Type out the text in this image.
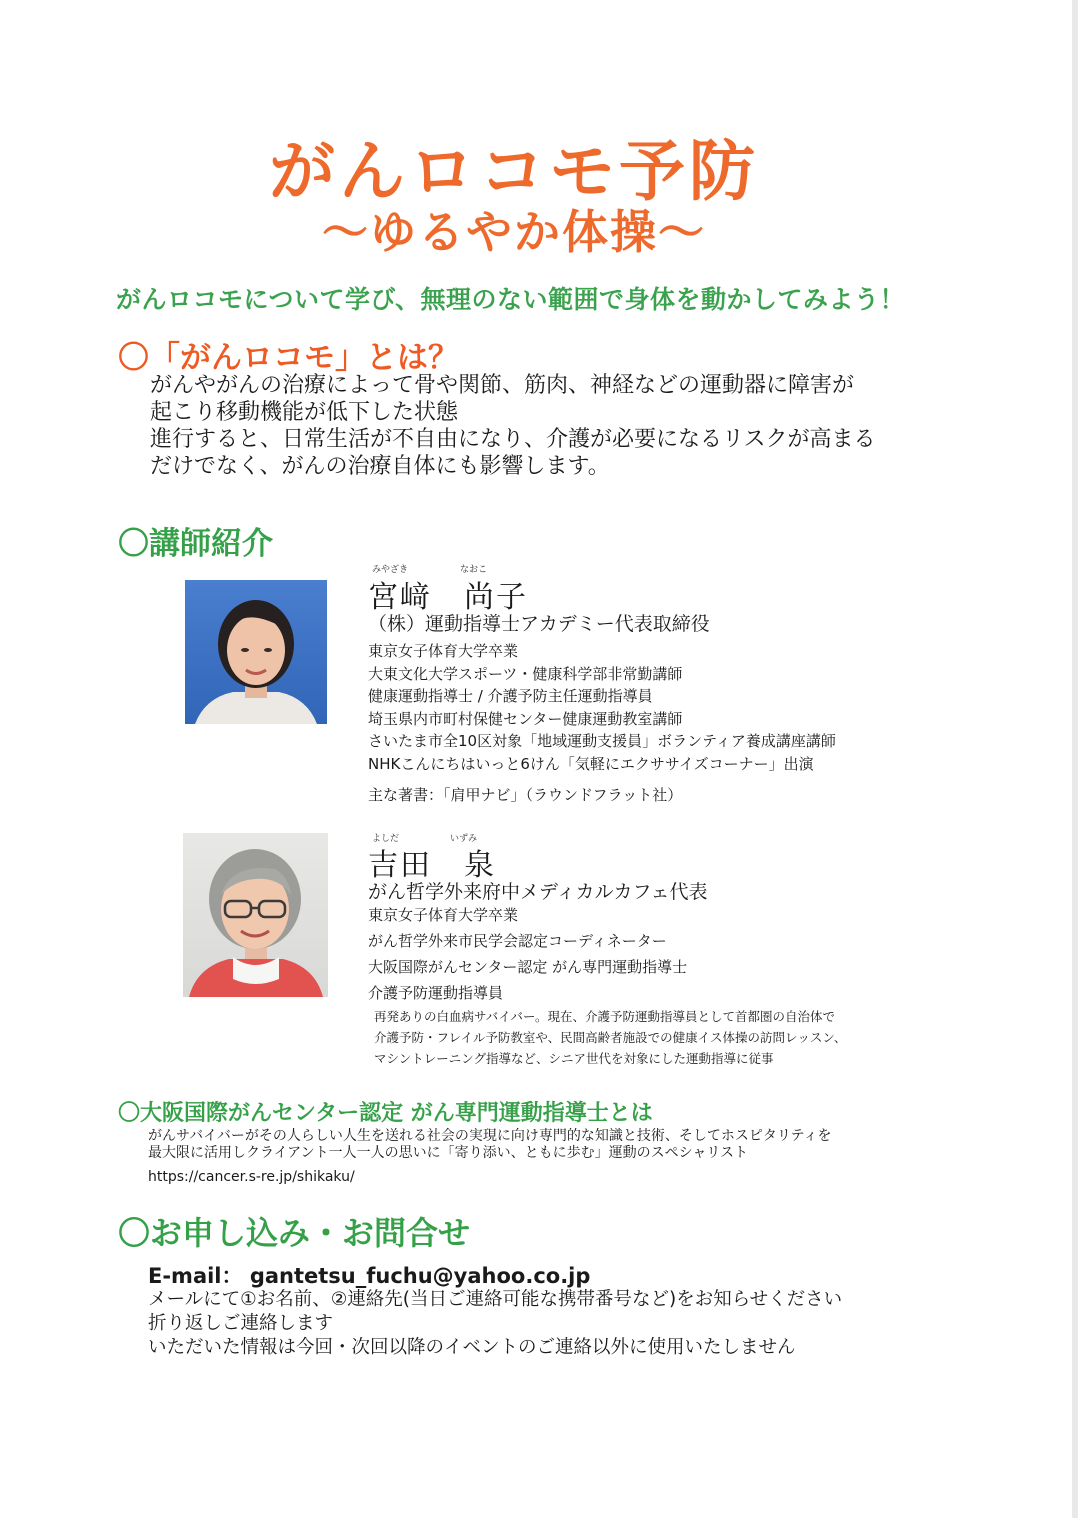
がんロコモ予防
〜ゆるやか体操〜
がんロコモについて学び、無理のない範囲で身体を動かしてみよう！
〇「がんロコモ」とは？
がんやがんの治療によって骨や関節、筋肉、神経などの運動器に障害が
起こり移動機能が低下した状態
進行すると、日常生活が不自由になり、介護が必要になるリスクが高まる
だけでなく、がんの治療自体にも影響します。
〇講師紹介
みやざき	なおこ
宮﨑　尚子
（株）運動指導士アカデミー代表取締役
東京女子体育大学卒業
大東文化大学スポーツ・健康科学部非常勤講師
健康運動指導士 / 介護予防主任運動指導員
埼玉県内市町村保健センター健康運動教室講師
さいたま市全10区対象「地域運動支援員」ボランティア養成講座講師
NHKこんにちはいっと6けん「気軽にエクササイズコーナー」出演
主な著書：「肩甲ナビ」（ラウンドフラット社）
よしだ	いずみ
吉田　泉
がん哲学外来府中メディカルカフェ代表
東京女子体育大学卒業
がん哲学外来市民学会認定コーディネーター
大阪国際がんセンター認定 がん専門運動指導士
介護予防運動指導員
再発ありの白血病サバイバー。現在、介護予防運動指導員として首都圏の自治体で
介護予防・フレイル予防教室や、民間高齢者施設での健康イス体操の訪問レッスン、
マシントレーニング指導など、シニア世代を対象にした運動指導に従事
〇大阪国際がんセンター認定 がん専門運動指導士とは
がんサバイバーがその人らしい人生を送れる社会の実現に向け専門的な知識と技術、そしてホスピタリティを
最大限に活用しクライアント一人一人の思いに「寄り添い、ともに歩む」運動のスペシャリスト
https://cancer.s-re.jp/shikaku/
〇お申し込み・お問合せ
E-mail： gantetsu_fuchu@yahoo.co.jp
メールにて①お名前、②連絡先(当日ご連絡可能な携帯番号など)をお知らせください
折り返しご連絡します
いただいた情報は今回・次回以降のイベントのご連絡以外に使用いたしません
